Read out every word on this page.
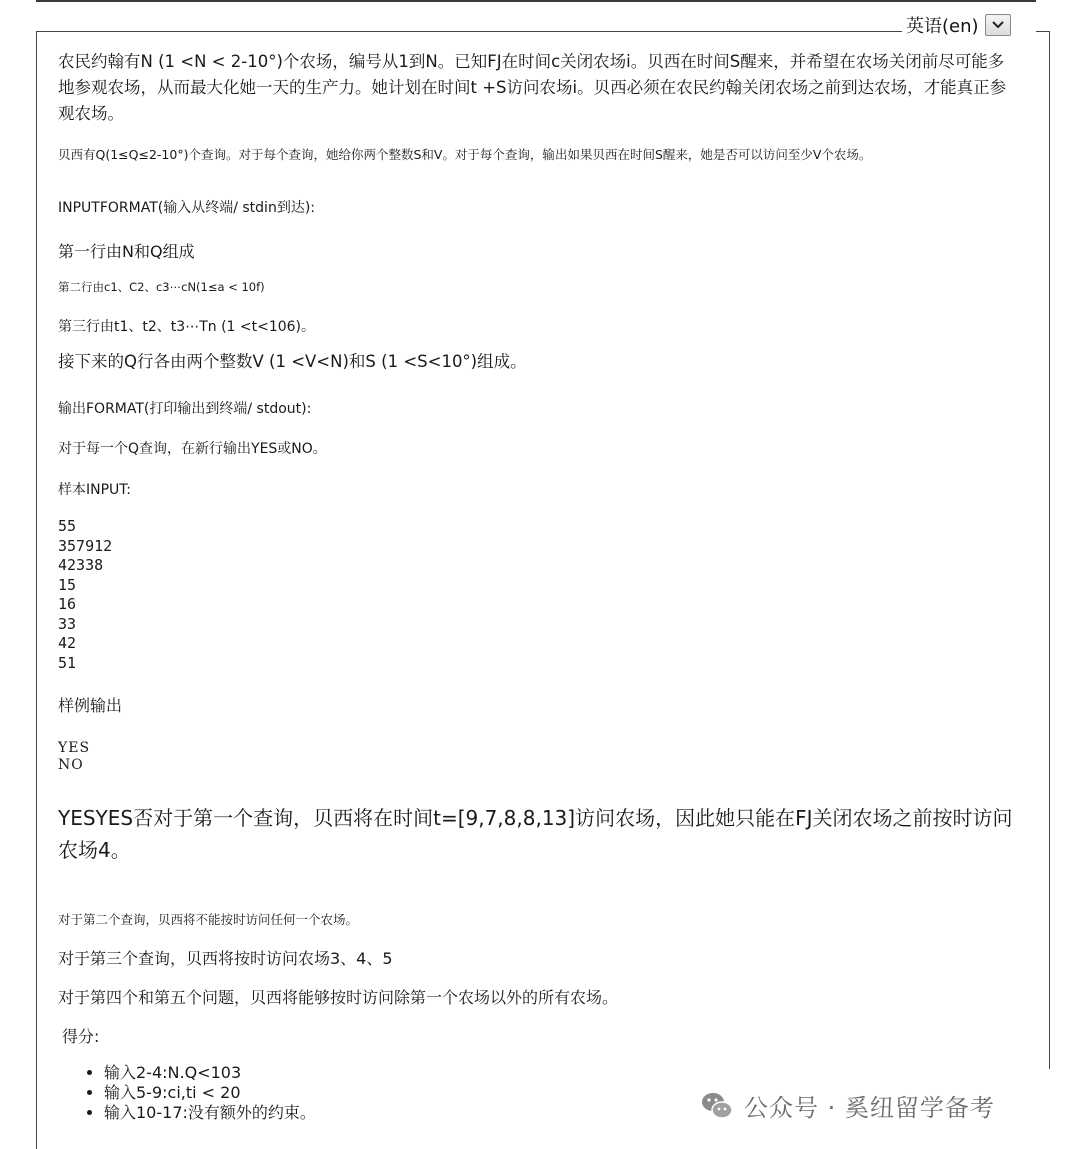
英语(en)

农民约翰有N (1 <N < 2-10°)个农场，编号从1到N。已知FJ在时间c关闭农场i。贝西在时间S醒来，并希望在农场关闭前尽可能多地参观农场，从而最大化她一天的生产力。她计划在时间t +S访问农场i。贝西必须在农民约翰关闭农场之前到达农场，才能真正参观农场。

贝西有Q(1≤Q≤2-10°)个查询。对于每个查询，她给你两个整数S和V。对于每个查询，输出如果贝西在时间S醒来，她是否可以访问至少V个农场。

INPUTFORMAT(输入从终端/ stdin到达):

第一行由N和Q组成

第二行由c1、C2、c3⋯cN(1≤a < 10f)

第三行由t1、t2、t3⋯Tn (1 <t<106)。

接下来的Q行各由两个整数V (1 <V<N)和S (1 <S<10°)组成。

输出FORMAT(打印输出到终端/ stdout):

对于每一个Q查询，在新行输出YES或NO。

样本INPUT:

55
357912
42338
15
16
33
42
51

样例输出

YES
NO

YESYES否对于第一个查询，贝西将在时间t=[9,7,8,8,13]访问农场，因此她只能在FJ关闭农场之前按时访问农场4。

对于第二个查询，贝西将不能按时访问任何一个农场。

对于第三个查询，贝西将按时访问农场3、4、5

对于第四个和第五个问题，贝西将能够按时访问除第一个农场以外的所有农场。

得分:

• 输入2-4:N.Q<103
• 输入5-9:ci,ti < 20
• 输入10-17:没有额外的约束。	公众号 · 奚纽留学备考
